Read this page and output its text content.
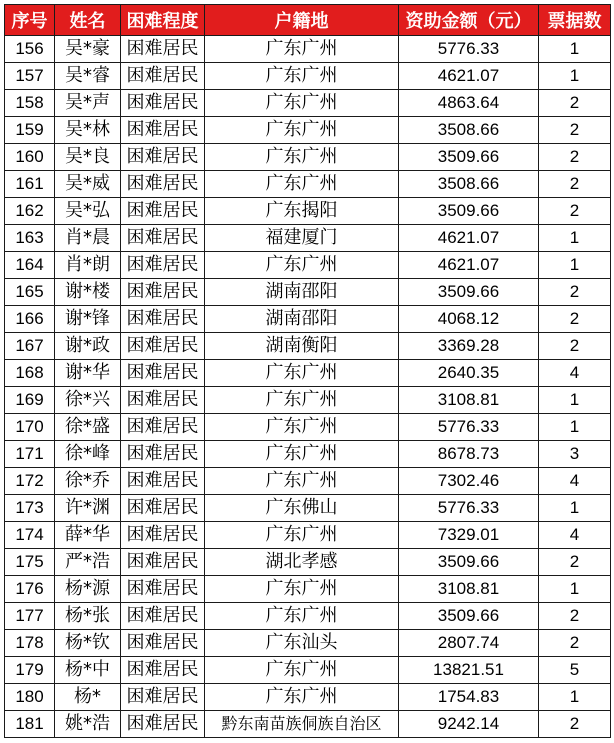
序号	姓名	困难程度	户籍地	资助金额（元）	票据数
156	吴*豪	困难居民	广东广州	5776.33	1
157	吴*睿	困难居民	广东广州	4621.07	1
158	吴*声	困难居民	广东广州	4863.64	2
159	吴*林	困难居民	广东广州	3508.66	2
160	吴*良	困难居民	广东广州	3509.66	2
161	吴*威	困难居民	广东广州	3508.66	2
162	吴*弘	困难居民	广东揭阳	3509.66	2
163	肖*晨	困难居民	福建厦门	4621.07	1
164	肖*朗	困难居民	广东广州	4621.07	1
165	谢*楼	困难居民	湖南邵阳	3509.66	2
166	谢*锋	困难居民	湖南邵阳	4068.12	2
167	谢*政	困难居民	湖南衡阳	3369.28	2
168	谢*华	困难居民	广东广州	2640.35	4
169	徐*兴	困难居民	广东广州	3108.81	1
170	徐*盛	困难居民	广东广州	5776.33	1
171	徐*峰	困难居民	广东广州	8678.73	3
172	徐*乔	困难居民	广东广州	7302.46	4
173	许*渊	困难居民	广东佛山	5776.33	1
174	薛*华	困难居民	广东广州	7329.01	4
175	严*浩	困难居民	湖北孝感	3509.66	2
176	杨*源	困难居民	广东广州	3108.81	1
177	杨*张	困难居民	广东广州	3509.66	2
178	杨*钦	困难居民	广东汕头	2807.74	2
179	杨*中	困难居民	广东广州	13821.51	5
180	杨*	困难居民	广东广州	1754.83	1
181	姚*浩	困难居民	黔东南苗族侗族自治区	9242.14	2
